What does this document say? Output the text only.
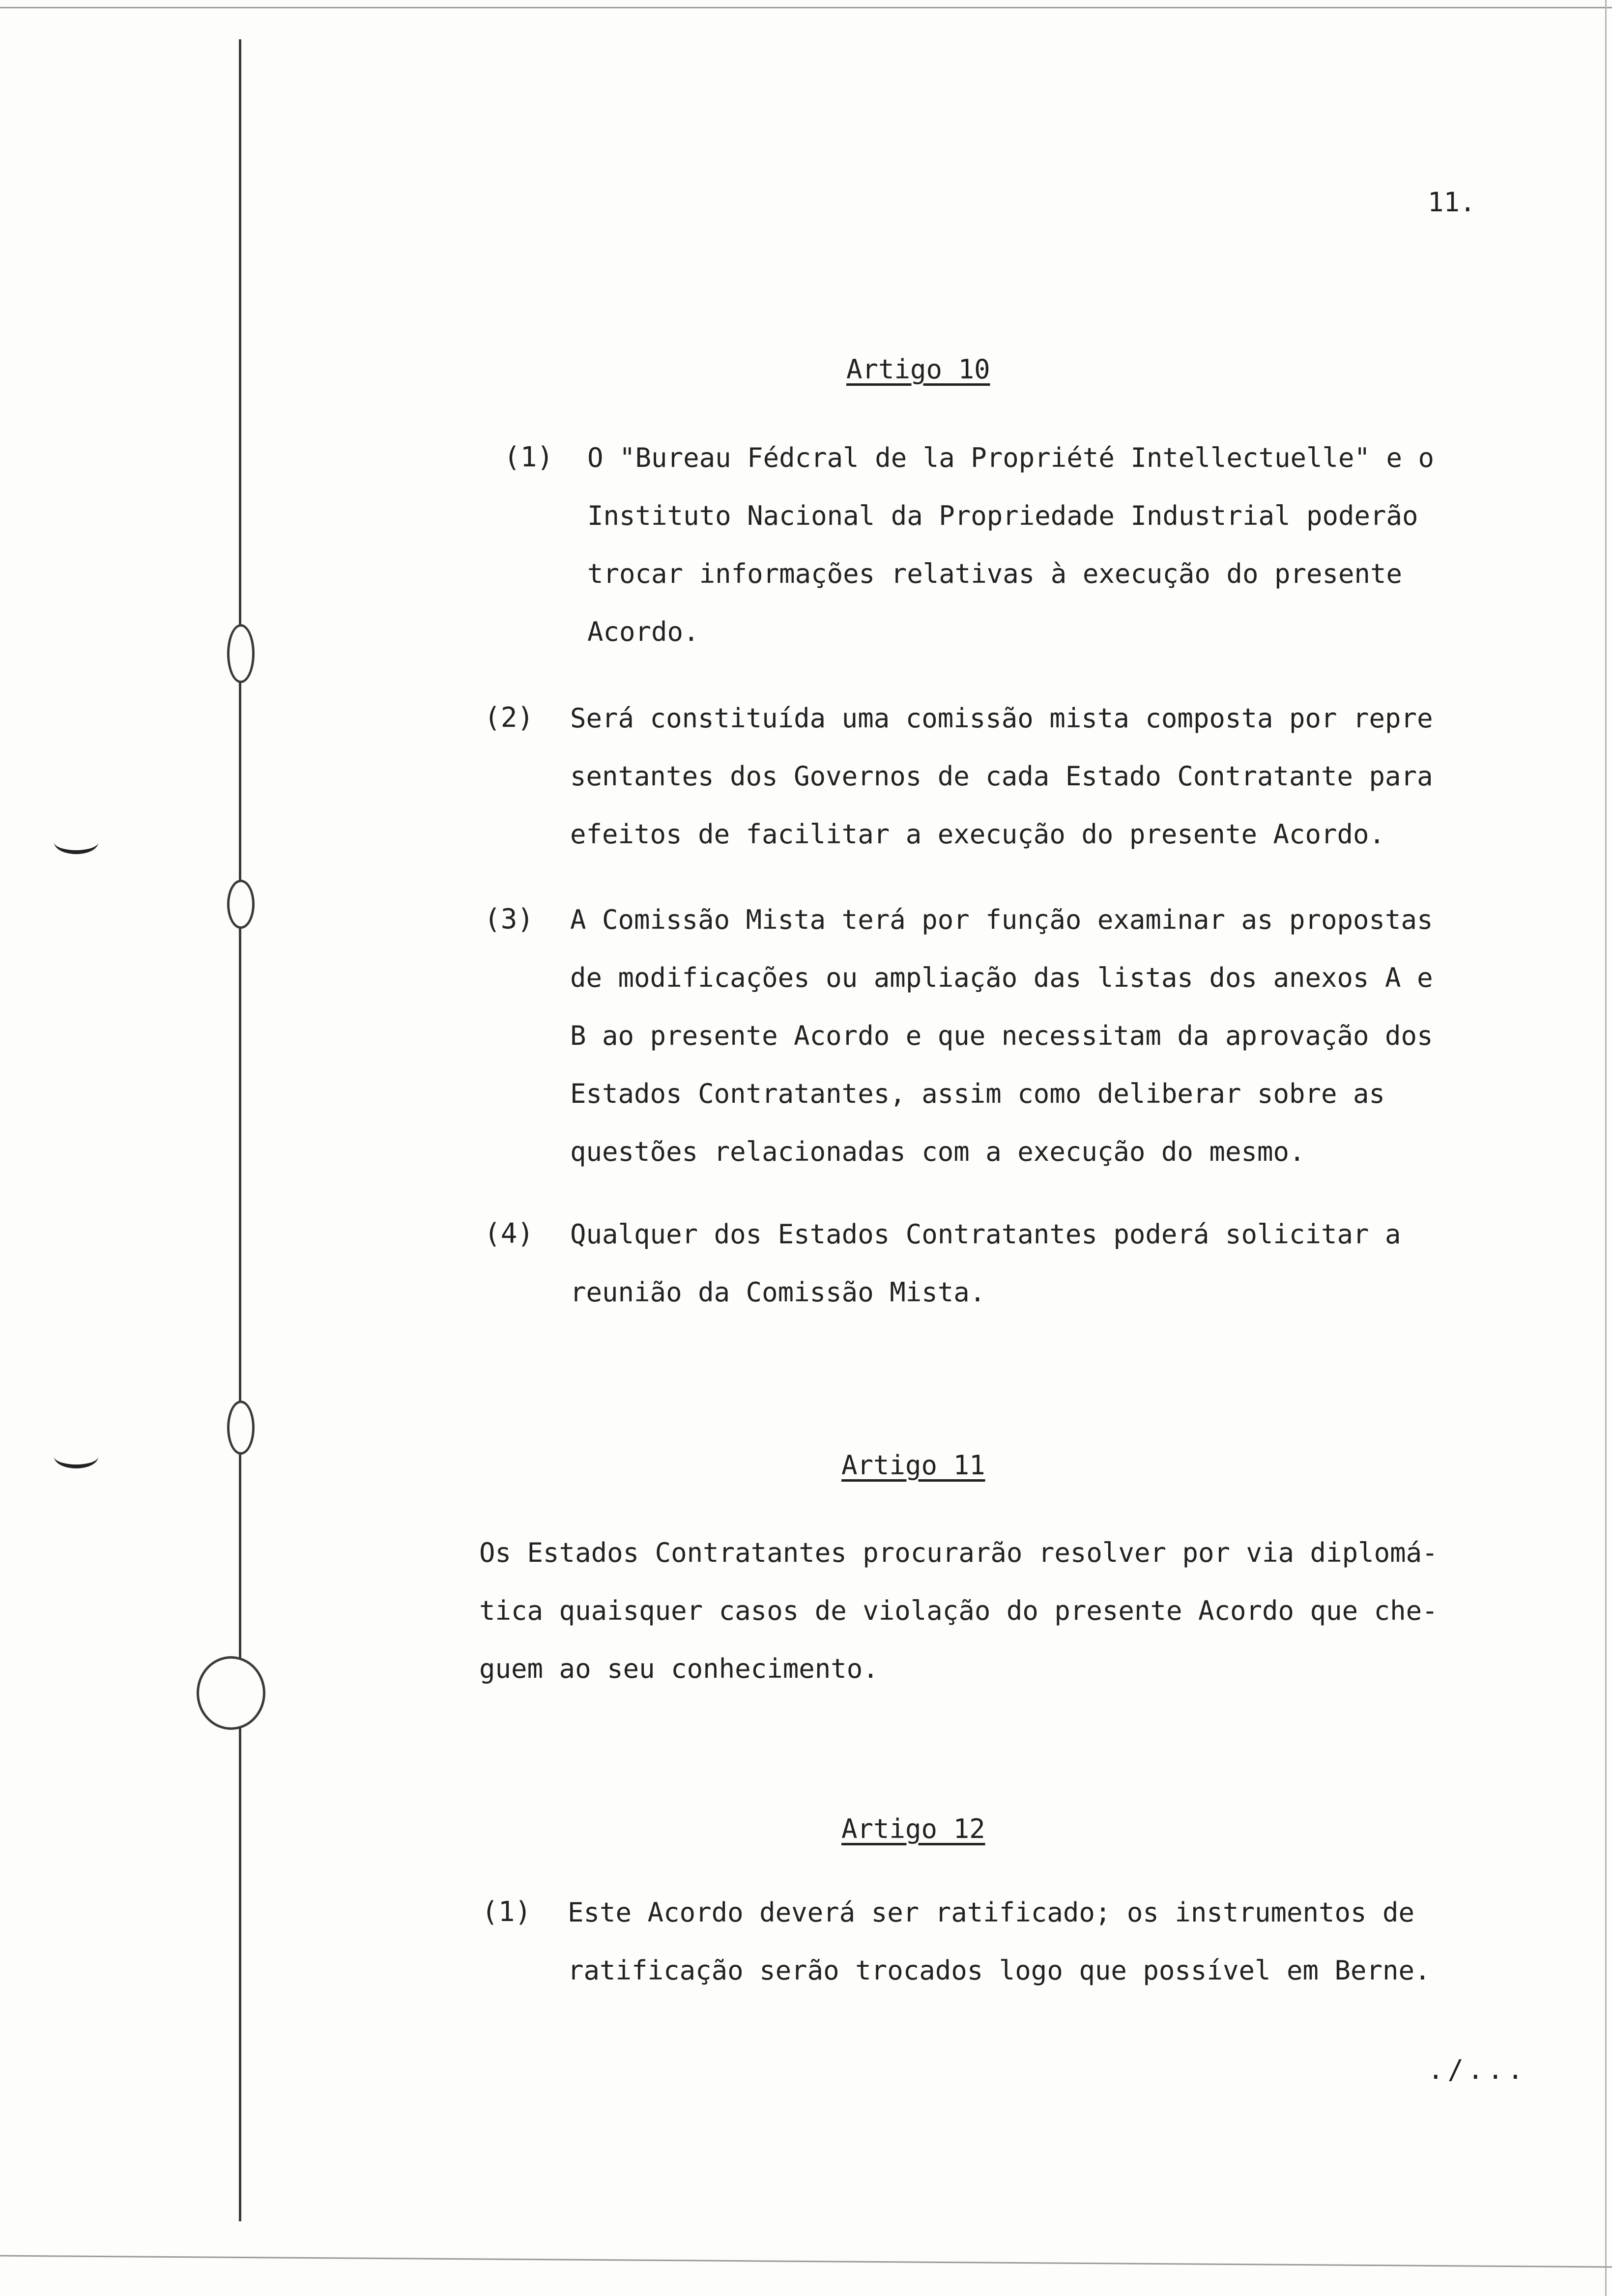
11.
Artigo 10
(1) O "Bureau Fédcral de la Propriété Intellectuelle" e o
Instituto Nacional da Propriedade Industrial poderão
trocar informações relativas à execução do presente
Acordo.
(2) Será constituída uma comissão mista composta por repre
sentantes dos Governos de cada Estado Contratante para
efeitos de facilitar a execução do presente Acordo.
(3) A Comissão Mista terá por função examinar as propostas
de modificações ou ampliação das listas dos anexos A e
B ao presente Acordo e que necessitam da aprovação dos
Estados Contratantes, assim como deliberar sobre as
questões relacionadas com a execução do mesmo.
(4) Qualquer dos Estados Contratantes poderá solicitar a
reunião da Comissão Mista.
Artigo 11
Os Estados Contratantes procurarão resolver por via diplomá-
tica quaisquer casos de violação do presente Acordo que che-
guem ao seu conhecimento.
Artigo 12
(1) Este Acordo deverá ser ratificado; os instrumentos de
ratificação serão trocados logo que possível em Berne.
./...
